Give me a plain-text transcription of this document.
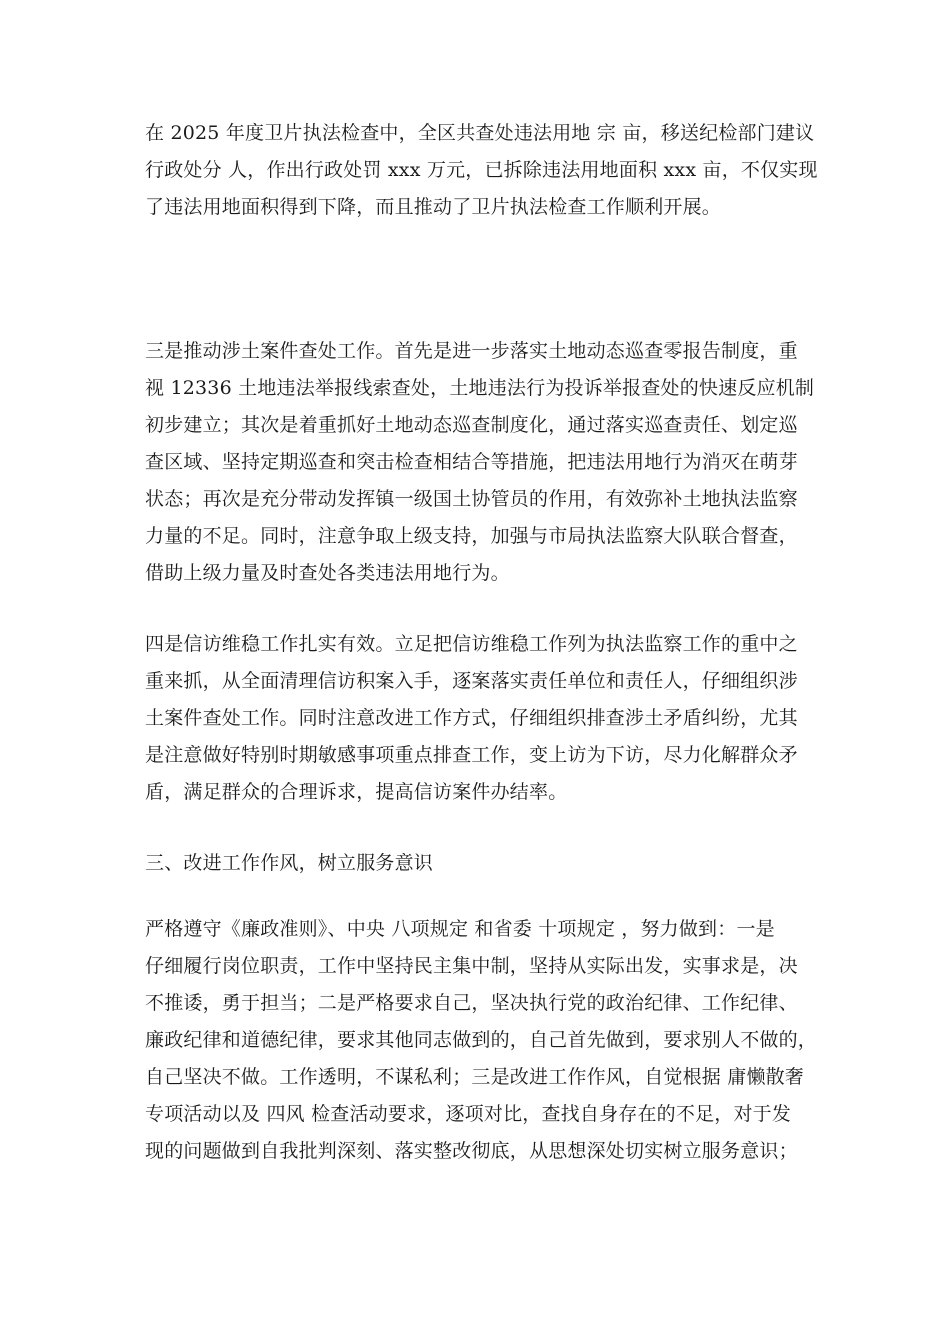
在 2025 年度卫片执法检查中，全区共查处违法用地 宗 亩，移送纪检部门建议
行政处分 人，作出行政处罚 xxx 万元，已拆除违法用地面积 xxx 亩，不仅实现
了违法用地面积得到下降，而且推动了卫片执法检查工作顺利开展。

三是推动涉土案件查处工作。首先是进一步落实土地动态巡查零报告制度，重
视 12336 土地违法举报线索查处，土地违法行为投诉举报查处的快速反应机制
初步建立；其次是着重抓好土地动态巡查制度化，通过落实巡查责任、划定巡
查区域、坚持定期巡查和突击检查相结合等措施，把违法用地行为消灭在萌芽
状态；再次是充分带动发挥镇一级国土协管员的作用，有效弥补土地执法监察
力量的不足。同时，注意争取上级支持，加强与市局执法监察大队联合督查，
借助上级力量及时查处各类违法用地行为。

四是信访维稳工作扎实有效。立足把信访维稳工作列为执法监察工作的重中之
重来抓，从全面清理信访积案入手，逐案落实责任单位和责任人，仔细组织涉
土案件查处工作。同时注意改进工作方式，仔细组织排查涉土矛盾纠纷，尤其
是注意做好特别时期敏感事项重点排查工作，变上访为下访，尽力化解群众矛
盾，满足群众的合理诉求，提高信访案件办结率。

三、改进工作作风，树立服务意识

严格遵守《廉政准则》、中央 八项规定 和省委 十项规定 ，努力做到：一是
仔细履行岗位职责，工作中坚持民主集中制，坚持从实际出发，实事求是，决
不推诿，勇于担当；二是严格要求自己，坚决执行党的政治纪律、工作纪律、
廉政纪律和道德纪律，要求其他同志做到的，自己首先做到，要求别人不做的，
自己坚决不做。工作透明，不谋私利；三是改进工作作风，自觉根据 庸懒散奢
专项活动以及 四风 检查活动要求，逐项对比，查找自身存在的不足，对于发
现的问题做到自我批判深刻、落实整改彻底，从思想深处切实树立服务意识；
